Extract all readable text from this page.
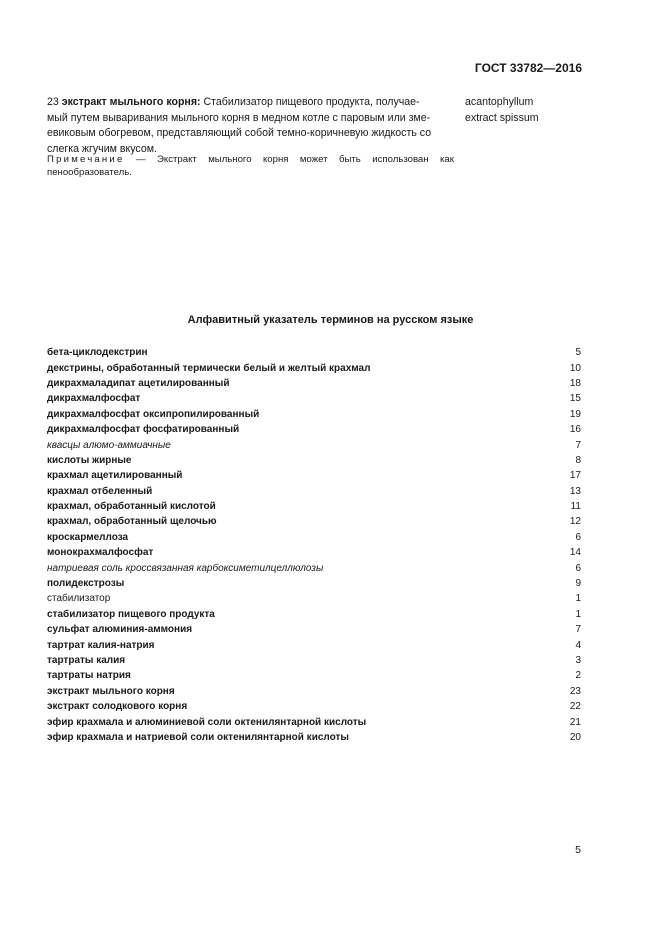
ГОСТ 33782—2016
23 экстракт мыльного корня: Стабилизатор пищевого продукта, получае-
мый путем вываривания мыльного корня в медном котле с паровым или зме-
евиковым обогревом, представляющий собой темно-коричневую жидкость со
слегка жгучим вкусом.
acantophyllum
extract spissum
Примечание — Экстракт мыльного корня может быть использован как
пенообразователь.
Алфавитный указатель терминов на русском языке
бета-циклодекстрин	5
декстрины, обработанный термически белый и желтый крахмал	10
дикрахмаладипат ацетилированный	18
дикрахмалфосфат	15
дикрахмалфосфат оксипропилированный	19
дикрахмалфосфат фосфатированный	16
квасцы алюмо-аммиачные	7
кислоты жирные	8
крахмал ацетилированный	17
крахмал отбеленный	13
крахмал, обработанный кислотой	11
крахмал, обработанный щелочью	12
кроскармеллоза	6
монокрахмалфосфат	14
натриевая соль кроссвязанная карбоксиметилцеллюлозы	6
полидекстрозы	9
стабилизатор	1
стабилизатор пищевого продукта	1
сульфат алюминия-аммония	7
тартрат калия-натрия	4
тартраты калия	3
тартраты натрия	2
экстракт мыльного корня	23
экстракт солодкового корня	22
эфир крахмала и алюминиевой соли октенилянтарной кислоты	21
эфир крахмала и натриевой соли октенилянтарной кислоты	20
5
